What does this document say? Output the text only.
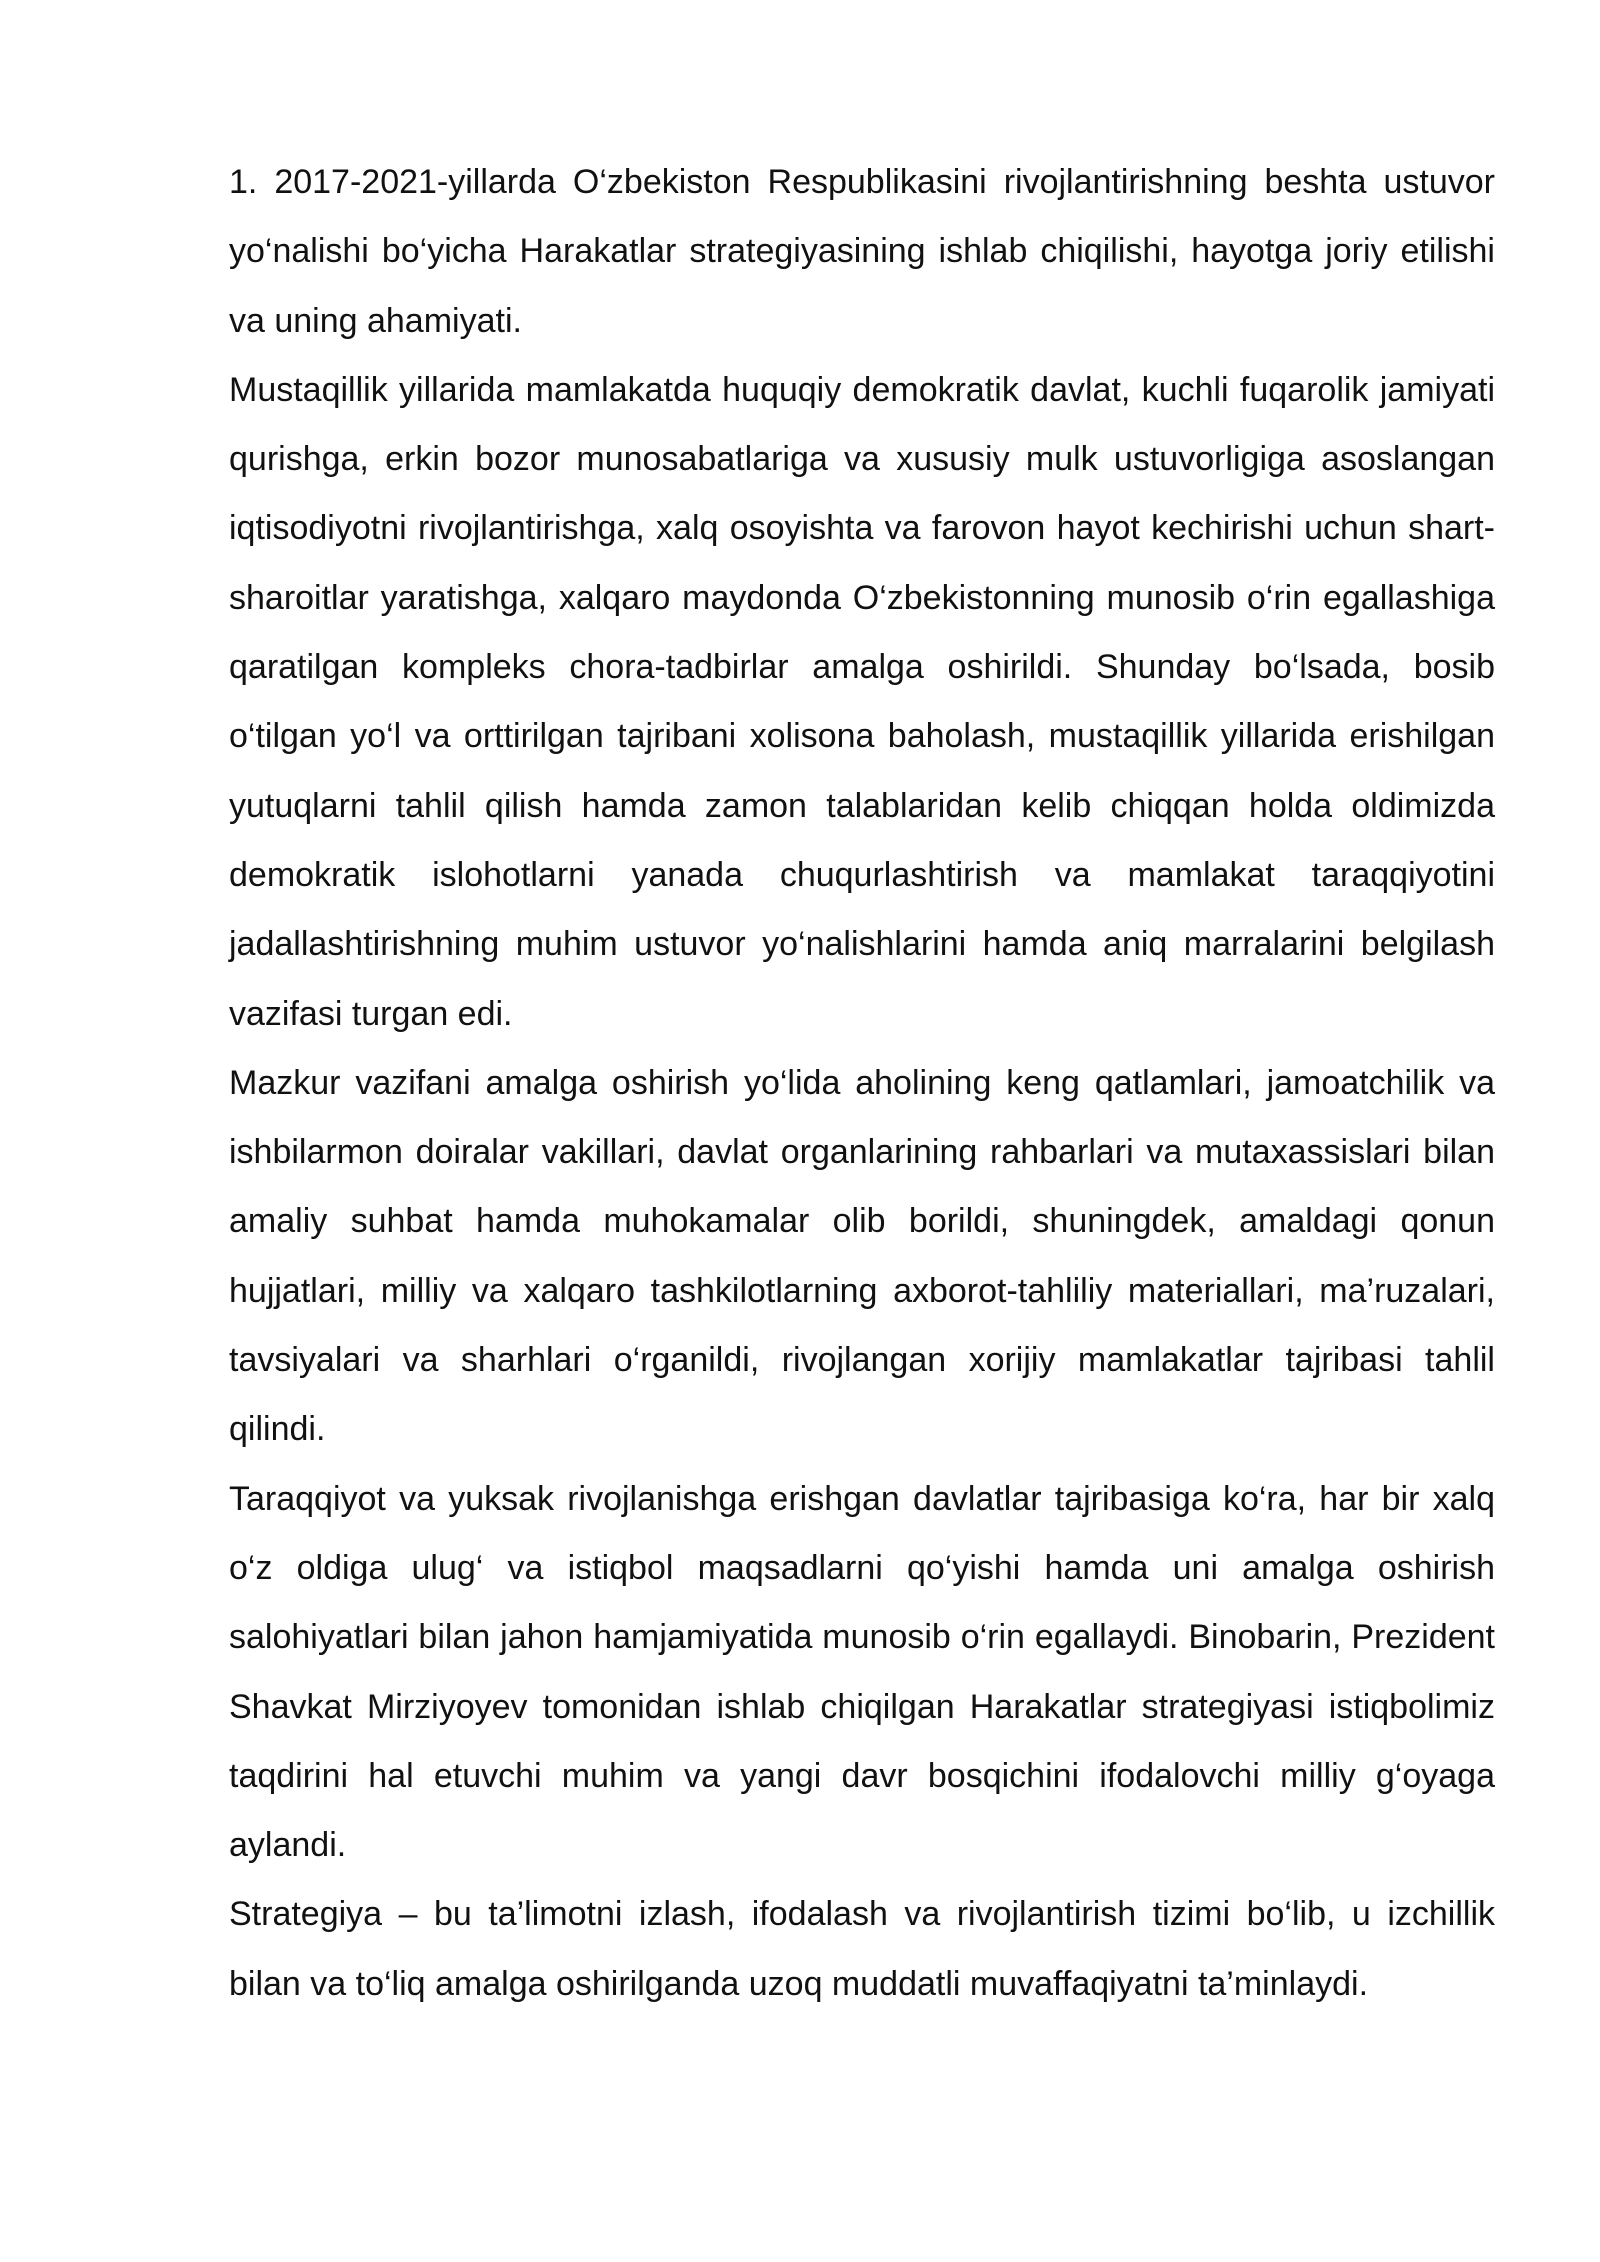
1. 2017-2021-yillarda O‘zbekiston Respublikasini rivojlantirishning beshta ustuvor yo‘nalishi bo‘yicha Harakatlar strategiyasining ishlab chiqilishi, hayotga joriy etilishi va uning ahamiyati.

Mustaqillik yillarida mamlakatda huquqiy demokratik davlat, kuchli fuqarolik jamiyati qurishga, erkin bozor munosabatlariga va xususiy mulk ustuvorligiga asoslangan iqtisodiyotni rivojlantirishga, xalq osoyishta va farovon hayot kechirishi uchun shart-sharoitlar yaratishga, xalqaro maydonda O‘zbekistonning munosib o‘rin egallashiga qaratilgan kompleks chora-tadbirlar amalga oshirildi. Shunday bo‘lsada, bosib o‘tilgan yo‘l va orttirilgan tajribani xolisona baholash, mustaqillik yillarida erishilgan yutuqlarni tahlil qilish hamda zamon talablaridan kelib chiqqan holda oldimizda demokratik islohotlarni yanada chuqurlashtirish va mamlakat taraqqiyotini jadallashtirishning muhim ustuvor yo‘nalishlarini hamda aniq marralarini belgilash vazifasi turgan edi.

Mazkur vazifani amalga oshirish yo‘lida aholining keng qatlamlari, jamoatchilik va ishbilarmon doiralar vakillari, davlat organlarining rahbarlari va mutaxassislari bilan amaliy suhbat hamda muhokamalar olib borildi, shuningdek, amaldagi qonun hujjatlari, milliy va xalqaro tashkilotlarning axborot-tahliliy materiallari, ma’ruzalari, tavsiyalari va sharhlari o‘rganildi, rivojlangan xorijiy mamlakatlar tajribasi tahlil qilindi.

Taraqqiyot va yuksak rivojlanishga erishgan davlatlar tajribasiga ko‘ra, har bir xalq o‘z oldiga ulug‘ va istiqbol maqsadlarni qo‘yishi hamda uni amalga oshirish salohiyatlari bilan jahon hamjamiyatida munosib o‘rin egallaydi. Binobarin, Prezident Shavkat Mirziyoyev tomonidan ishlab chiqilgan Harakatlar strategiyasi istiqbolimiz taqdirini hal etuvchi muhim va yangi davr bosqichini ifodalovchi milliy g‘oyaga aylandi.

Strategiya – bu ta’limotni izlash, ifodalash va rivojlantirish tizimi bo‘lib, u izchillik bilan va to‘liq amalga oshirilganda uzoq muddatli muvaffaqiyatni ta’minlaydi.
